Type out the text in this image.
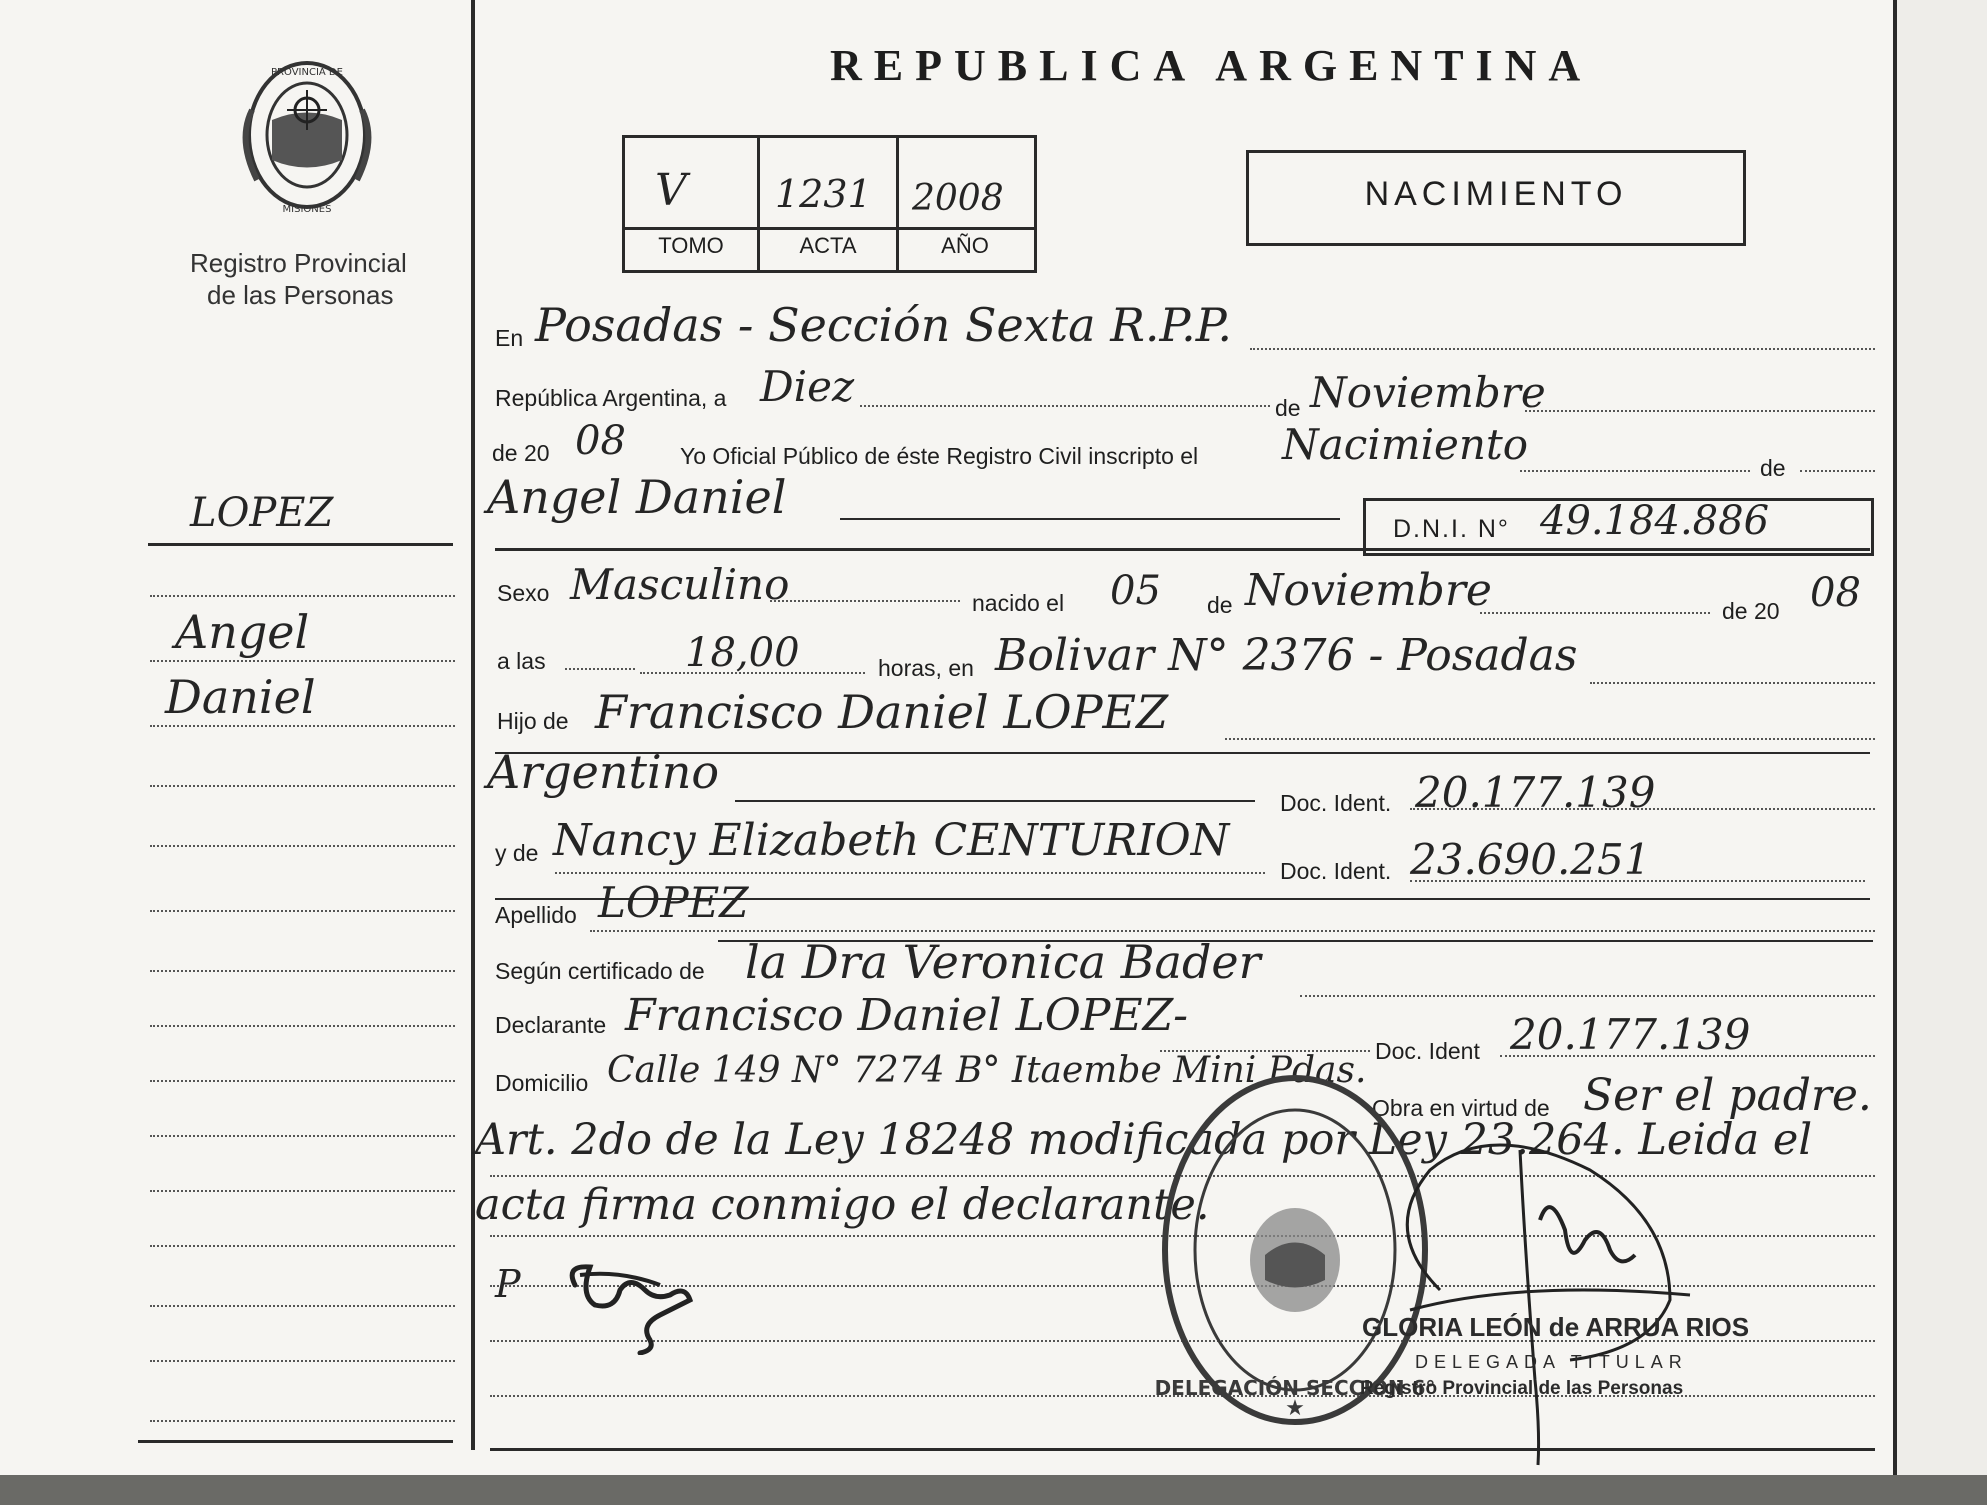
PROVINCIA DE
MISIONES
Registro Provincial
de las Personas
LOPEZ
Angel
Daniel
REPUBLICA ARGENTINA
V 1231 2008
TOMO	ACTA	AÑO
NACIMIENTO
En Posadas - Sección Sexta R.P.P.
República Argentina, a Diez	de Noviembre
de 20 08 Yo Oficial Público de éste Registro Civil inscripto el Nacimiento	de
Angel Daniel
D.N.I. N° 49.184.886
Sexo Masculino	nacido el 05 de Noviembre	de 20 08
a las	18,00	horas, en Bolivar N° 2376 - Posadas
Hijo de Francisco Daniel LOPEZ
Argentino
Doc. Ident. 20.177.139
y de Nancy Elizabeth CENTURION
Doc. Ident. 23.690.251
Apellido LOPEZ
Según certificado de la Dra Veronica Bader
Declarante Francisco Daniel LOPEZ-
Doc. Ident 20.177.139
Domicilio Calle 149 N° 7274 B° Itaembe Mini Pdas.
Obra en virtud de Ser el padre.
Art. 2do de la Ley 18248 modificada por Ley 23.264. Leida el
acta firma conmigo el declarante.
P
DELEGACIÓN SECCIÓN 6°
★
GLORIA LEÓN de ARRUA RIOS
DELEGADA TITULAR
Registro Provincial de las Personas
